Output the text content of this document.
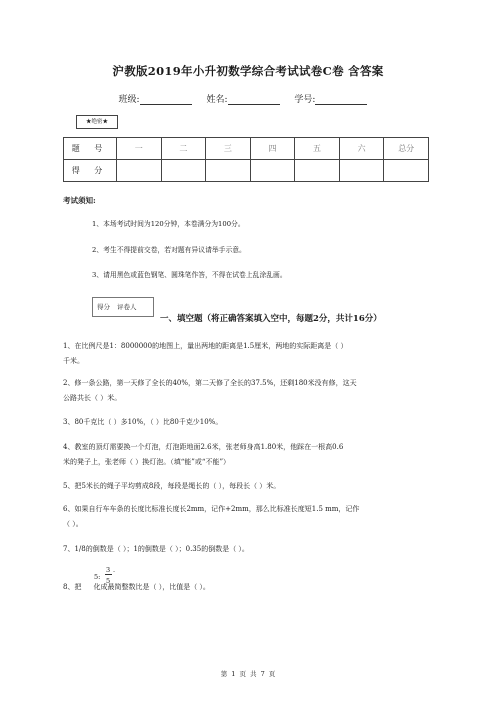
沪教版2019年小升初数学综合考试试卷C卷 含答案
班级:	姓名:	学号:
★绝密★
题 号	一	二	三	四	五	六	总分
得 分							
考试须知:
1、本场考试时间为120分钟，本卷满分为100分。
2、考生不得提前交卷，若对题有异议请举手示意。
3、请用黑色或蓝色钢笔、圆珠笔作答，不得在试卷上乱涂乱画。
得分 评卷人
一、填空题（将正确答案填入空中，每题2分，共计16分）
1、在比例尺是1：8000000的地图上，量出两地的距离是1.5厘米，两地的实际距离是（ ）
千米。
2、修一条公路，第一天修了全长的40%，第二天修了全长的37.5%，还剩180米没有修，这天
公路共长（ ）米。
3、80千克比（ ）多10%，（ ）比80千克少10%。
4、教室的顶灯需要换一个灯泡，灯泡距地面2.6米，张老师身高1.80米，他踩在一根高0.6
米的凳子上，张老师（ ）换灯泡。（填“能”或“不能”）
5、把5米长的绳子平均剪成8段，每段是绳长的（ ），每段长（ ）米。
6、如果自行车车条的长度比标准长度长2mm，记作+2mm，那么比标准长度短1.5 mm，记作
（ ）。
7、1/8的倒数是（ ）；1的倒数是（ ）；0.35的倒数是（ ）。
5:
3
5
.
8、把 化成最简整数比是（ ），比值是（ ）。
第 1 页 共 7 页
